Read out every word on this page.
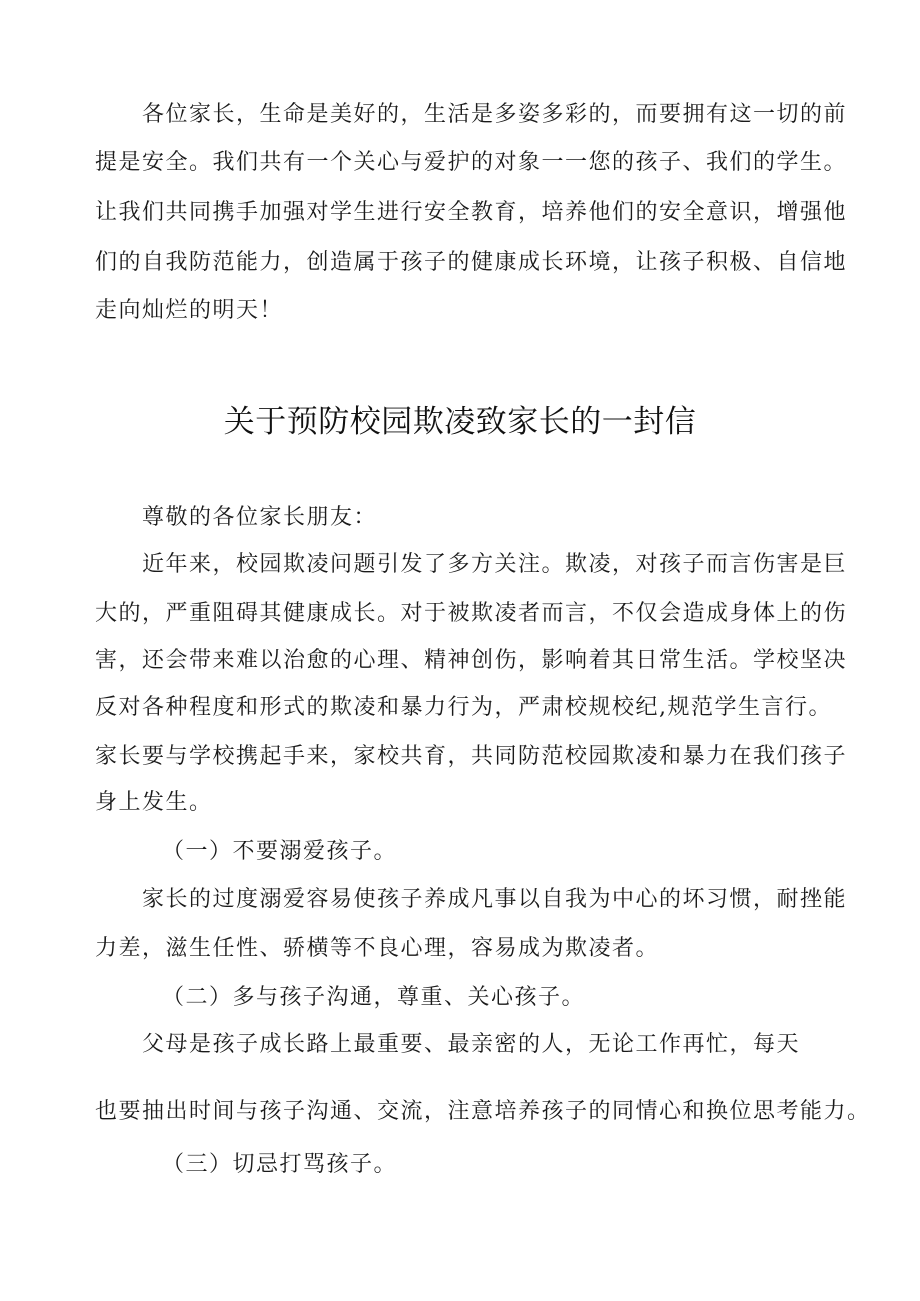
各位家长，生命是美好的，生活是多姿多彩的，而要拥有这一切的前
提是安全。我们共有一个关心与爱护的对象一一您的孩子、我们的学生。
让我们共同携手加强对学生进行安全教育，培养他们的安全意识，增强他
们的自我防范能力，创造属于孩子的健康成长环境，让孩子积极、自信地
走向灿烂的明天！
关于预防校园欺凌致家长的一封信
尊敬的各位家长朋友：
近年来，校园欺凌问题引发了多方关注。欺凌，对孩子而言伤害是巨
大的，严重阻碍其健康成长。对于被欺凌者而言，不仅会造成身体上的伤
害，还会带来难以治愈的心理、精神创伤，影响着其日常生活。学校坚决
反对各种程度和形式的欺凌和暴力行为，严肃校规校纪,规范学生言行。
家长要与学校携起手来，家校共育，共同防范校园欺凌和暴力在我们孩子
身上发生。
（一）不要溺爱孩子。
家长的过度溺爱容易使孩子养成凡事以自我为中心的坏习惯，耐挫能
力差，滋生任性、骄横等不良心理，容易成为欺凌者。
（二）多与孩子沟通，尊重、关心孩子。
父母是孩子成长路上最重要、最亲密的人，无论工作再忙，每天
也要抽出时间与孩子沟通、交流，注意培养孩子的同情心和换位思考能力。
（三）切忌打骂孩子。
